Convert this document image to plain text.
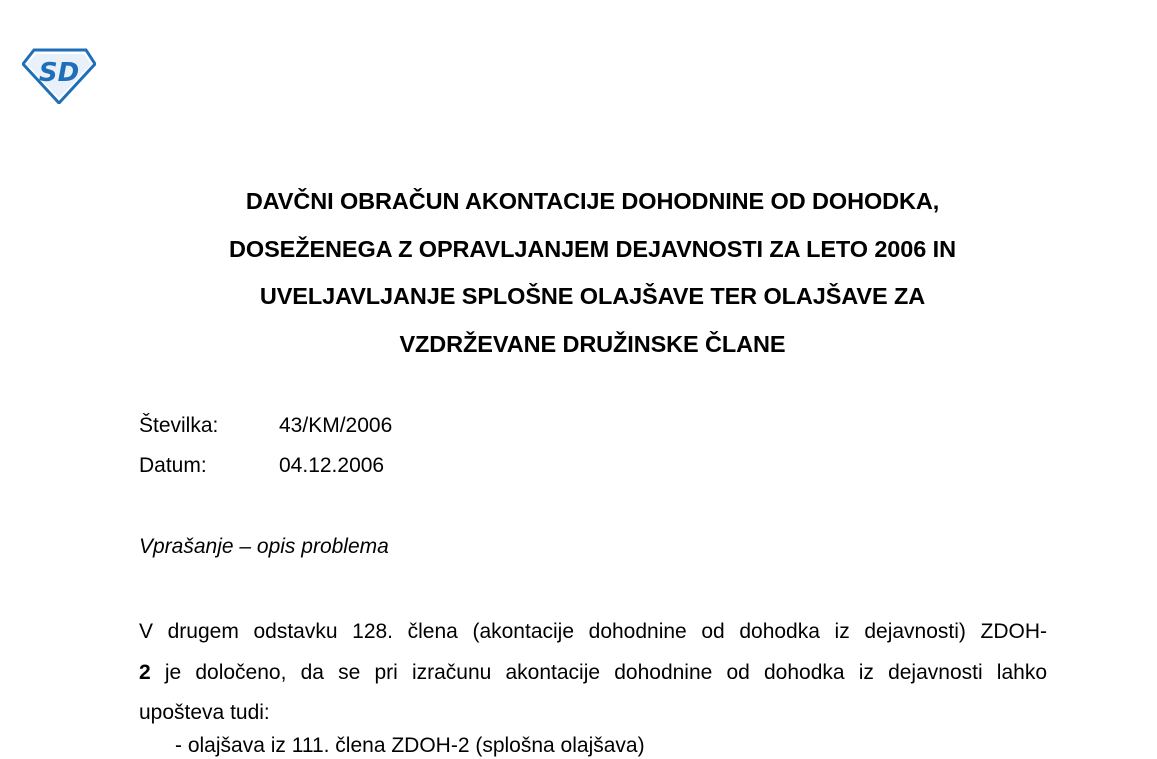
SD
DAVČNI OBRAČUN AKONTACIJE DOHODNINE OD DOHODKA,
DOSEŽENEGA Z OPRAVLJANJEM DEJAVNOSTI ZA LETO 2006 IN
UVELJAVLJANJE SPLOŠNE OLAJŠAVE TER OLAJŠAVE ZA
VZDRŽEVANE DRUŽINSKE ČLANE
Številka:	43/KM/2006
Datum:	04.12.2006
Vprašanje – opis problema
V drugem odstavku 128. člena (akontacije dohodnine od dohodka iz dejavnosti) ZDOH-
2 je določeno, da se pri izračunu akontacije dohodnine od dohodka iz dejavnosti lahko
upošteva tudi:
- olajšava iz 111. člena ZDOH-2 (splošna olajšava)
